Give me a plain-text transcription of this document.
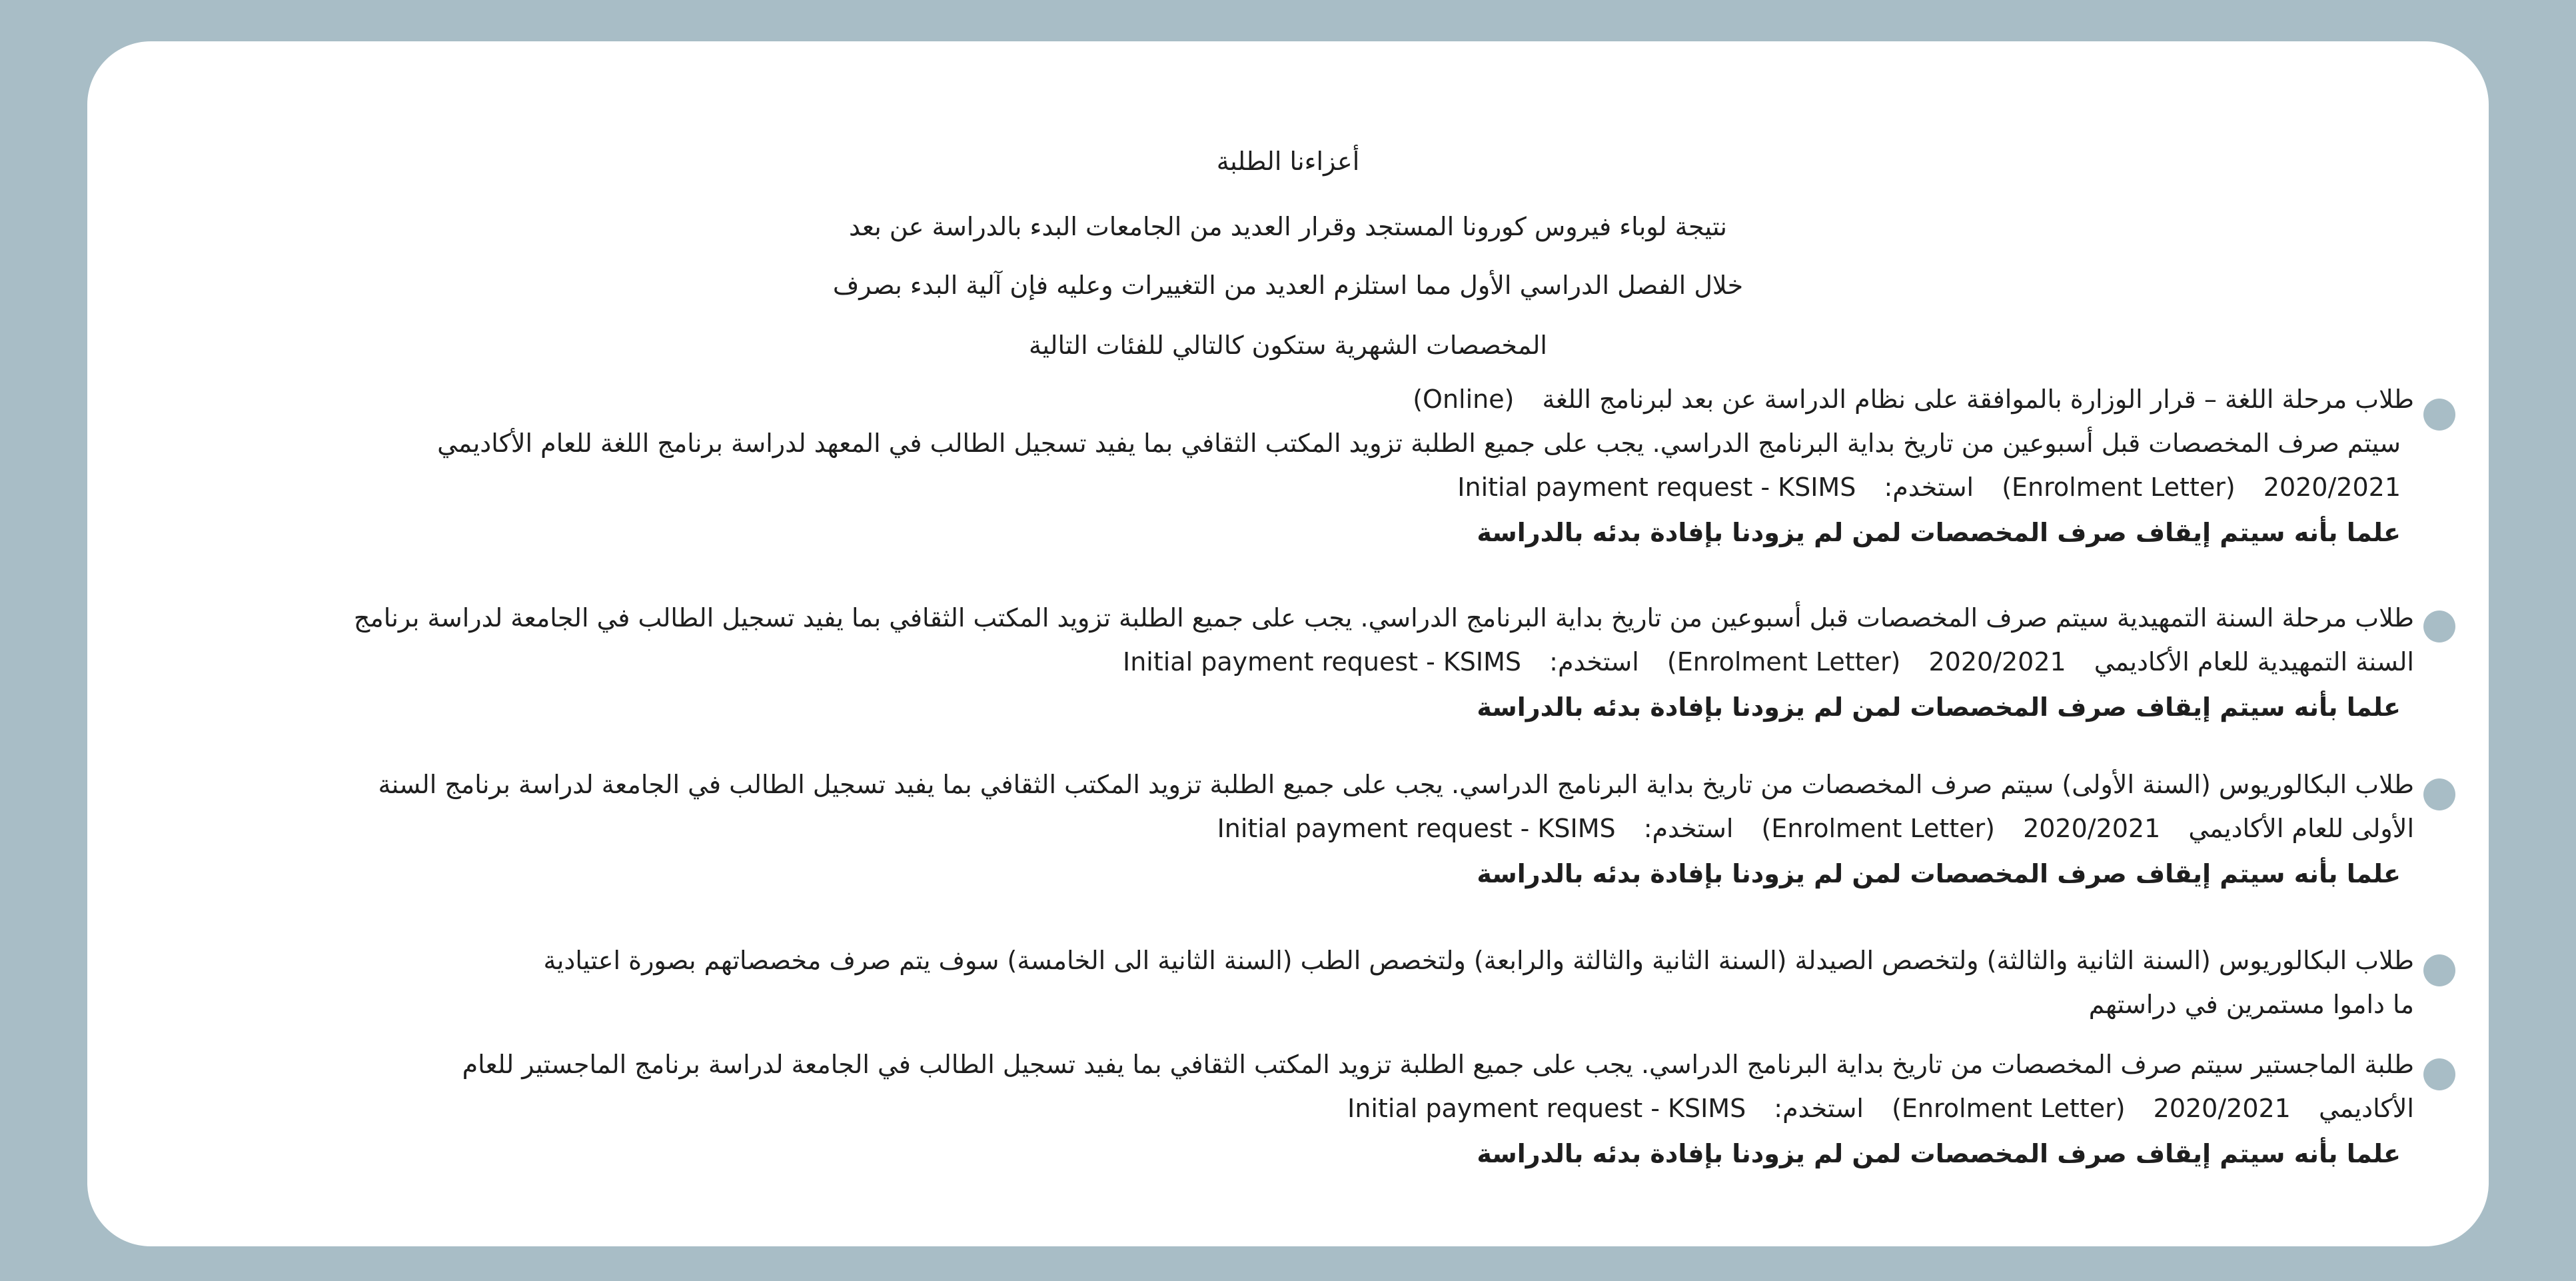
أعزاءنا الطلبة
نتيجة لوباء فيروس كورونا المستجد وقرار العديد من الجامعات البدء بالدراسة عن بعد
خلال الفصل الدراسي الأول مما استلزم العديد من التغييرات وعليه فإن آلية البدء بصرف
المخصصات الشهرية ستكون كالتالي للفئات التالية
طلاب مرحلة اللغة – قرار الوزارة بالموافقة على نظام الدراسة عن بعد لبرنامج اللغة (Online)
سيتم صرف المخصصات قبل أسبوعين من تاريخ بداية البرنامج الدراسي. يجب على جميع الطلبة تزويد المكتب الثقافي بما يفيد تسجيل الطالب في المعهد لدراسة برنامج اللغة للعام الأكاديمي
2020/2021 (Enrolment Letter) استخدم: Initial payment request - KSIMS
علما بأنه سيتم إيقاف صرف المخصصات لمن لم يزودنا بإفادة بدئه بالدراسة
طلاب مرحلة السنة التمهيدية سيتم صرف المخصصات قبل أسبوعين من تاريخ بداية البرنامج الدراسي. يجب على جميع الطلبة تزويد المكتب الثقافي بما يفيد تسجيل الطالب في الجامعة لدراسة برنامج
السنة التمهيدية للعام الأكاديمي 2020/2021 (Enrolment Letter) استخدم: Initial payment request - KSIMS
علما بأنه سيتم إيقاف صرف المخصصات لمن لم يزودنا بإفادة بدئه بالدراسة
طلاب البكالوريوس (السنة الأولى) سيتم صرف المخصصات من تاريخ بداية البرنامج الدراسي. يجب على جميع الطلبة تزويد المكتب الثقافي بما يفيد تسجيل الطالب في الجامعة لدراسة برنامج السنة
الأولى للعام الأكاديمي 2020/2021 (Enrolment Letter) استخدم: Initial payment request - KSIMS
علما بأنه سيتم إيقاف صرف المخصصات لمن لم يزودنا بإفادة بدئه بالدراسة
طلاب البكالوريوس (السنة الثانية والثالثة) ولتخصص الصيدلة (السنة الثانية والثالثة والرابعة) ولتخصص الطب (السنة الثانية الى الخامسة) سوف يتم صرف مخصصاتهم بصورة اعتيادية
ما داموا مستمرين في دراستهم
طلبة الماجستير سيتم صرف المخصصات من تاريخ بداية البرنامج الدراسي. يجب على جميع الطلبة تزويد المكتب الثقافي بما يفيد تسجيل الطالب في الجامعة لدراسة برنامج الماجستير للعام
الأكاديمي 2020/2021 (Enrolment Letter) استخدم: Initial payment request - KSIMS
علما بأنه سيتم إيقاف صرف المخصصات لمن لم يزودنا بإفادة بدئه بالدراسة
